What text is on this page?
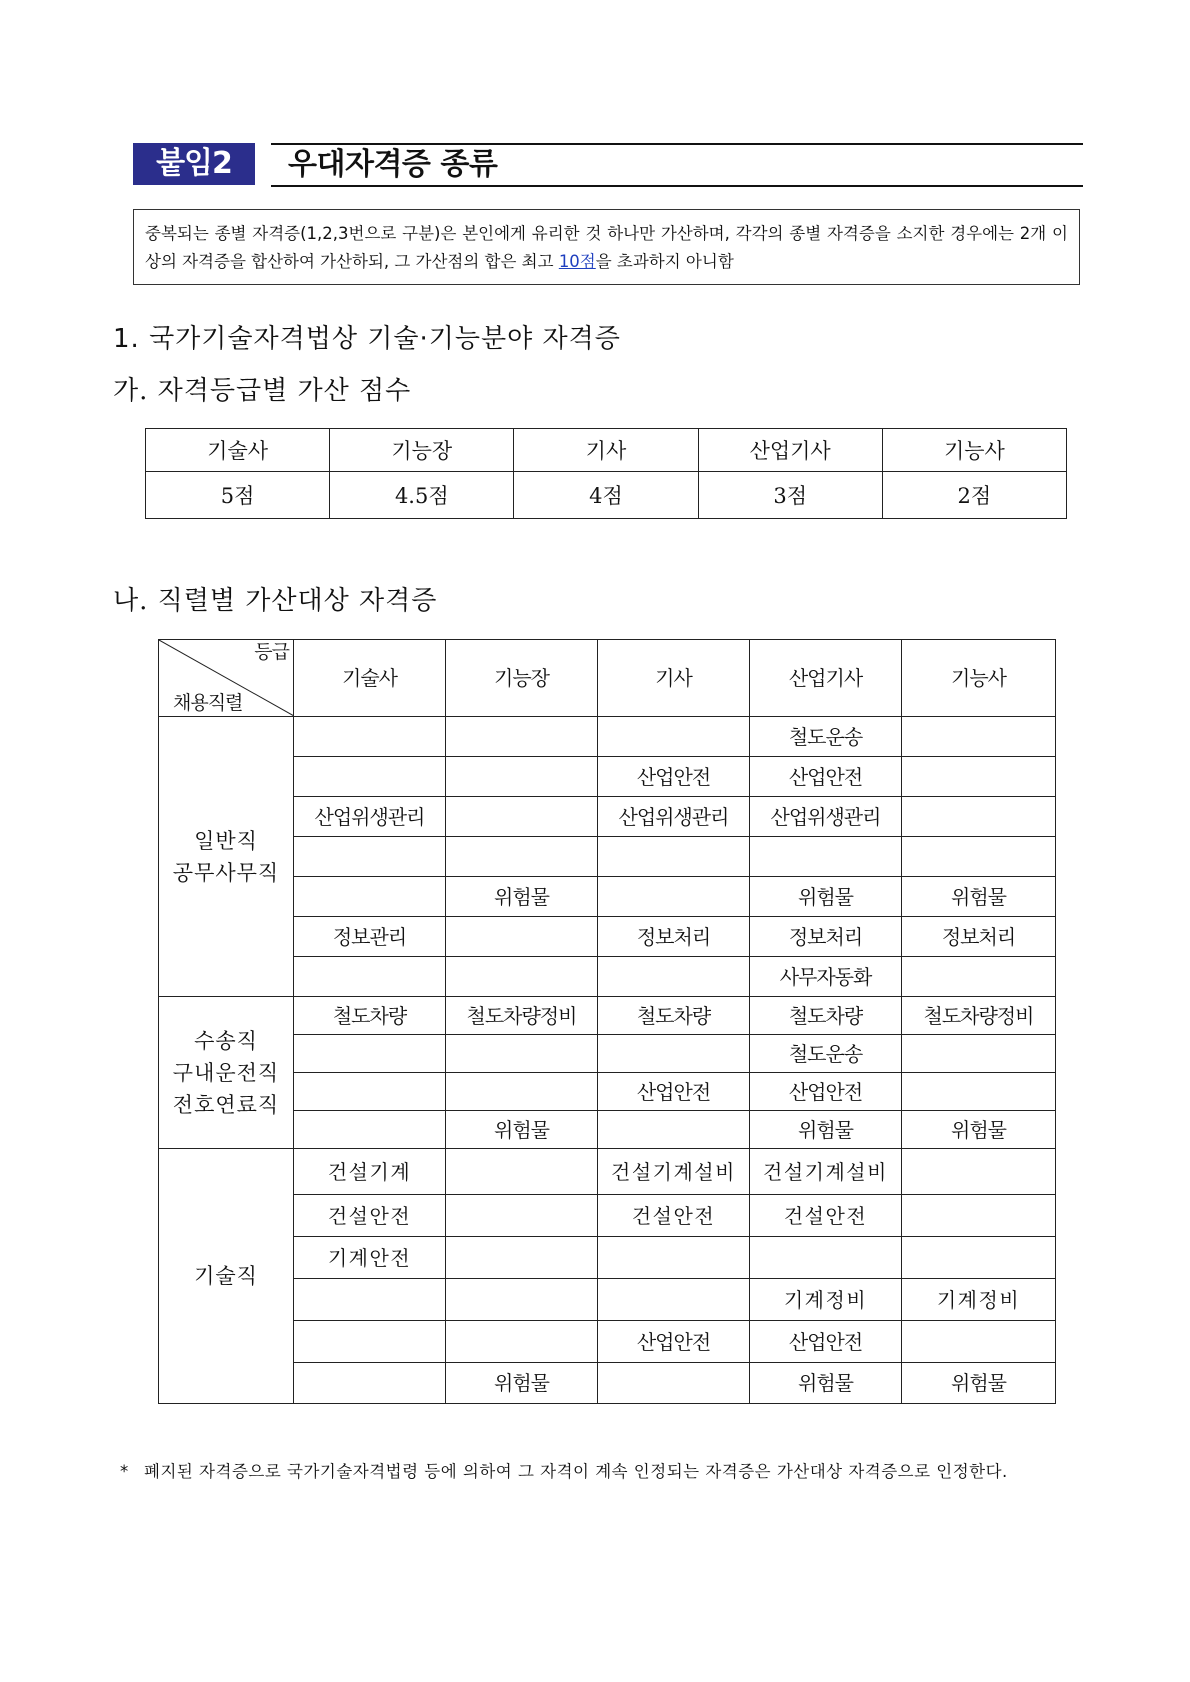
붙임2	우대자격증 종류
중복되는 종별 자격증(1,2,3번으로 구분)은 본인에게 유리한 것 하나만 가산하며, 각각의 종별 자격증을 소지한 경우에는 2개 이상의 자격증을 합산하여 가산하되, 그 가산점의 합은 최고 10점을 초과하지 아니함
1. 국가기술자격법상 기술·기능분야 자격증
가. 자격등급별 가산 점수
기술사	기능장	기사	산업기사	기능사
5점	4.5점	4점	3점	2점
나. 직렬별 가산대상 자격증
등급
채용직렬	기술사	기능장	기사	산업기사	기능사

일반직
공무사무직				철도운송	
			산업안전	산업안전	
	산업위생관리		산업위생관리	산업위생관리	

		위험물		위험물	위험물
	정보관리		정보처리	정보처리	정보처리
				사무자동화	

수송직
구내운전직
전호연료직	철도차량	철도차량정비	철도차량	철도차량	철도차량정비
				철도운송	
			산업안전	산업안전	
		위험물		위험물	위험물

기술직	건설기계		건설기계설비	건설기계설비	
	건설안전		건설안전	건설안전	
	기계안전				
				기계정비	기계정비
			산업안전	산업안전	
		위험물		위험물	위험물
* 폐지된 자격증으로 국가기술자격법령 등에 의하여 그 자격이 계속 인정되는 자격증은 가산대상 자격증으로 인정한다.
